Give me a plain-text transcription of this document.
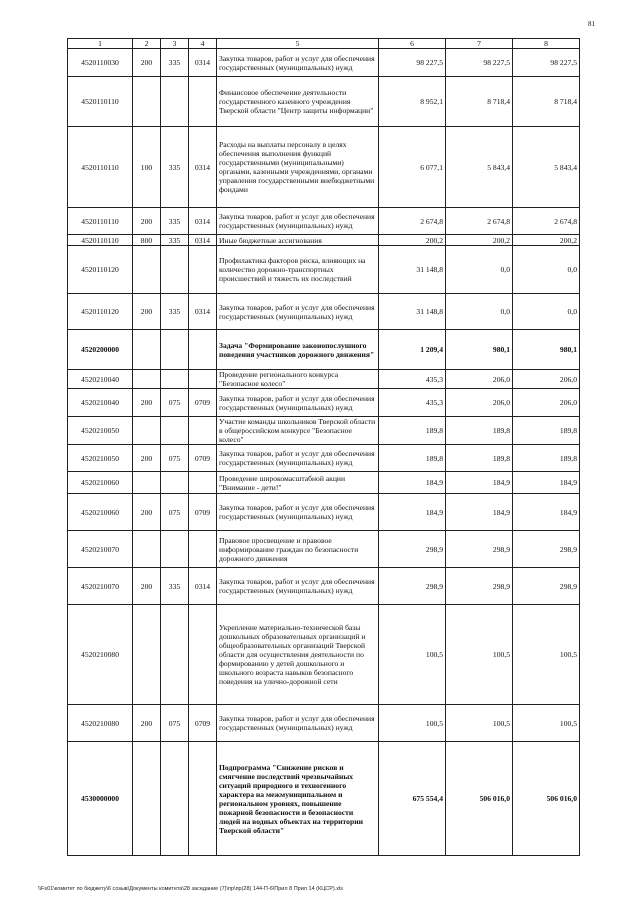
81
1	2	3	4	5	6	7	8
4520110030	200	335	0314	Закупка товаров, работ и услуг для обеспечения государственных (муниципальных) нужд	98 227,5	98 227,5	98 227,5
4520110110				Финансовое обеспечение деятельности государственного казенного учреждения Тверской области "Центр защиты информации"	8 952,1	8 718,4	8 718,4
4520110110	100	335	0314	Расходы на выплаты персоналу в целях обеспечения выполнения функций государственными (муниципальными) органами, казенными учреждениями, органами управления государственными внебюджетными фондами	6 077,1	5 843,4	5 843,4
4520110110	200	335	0314	Закупка товаров, работ и услуг для обеспечения государственных (муниципальных) нужд	2 674,8	2 674,8	2 674,8
4520110110	800	335	0314	Иные бюджетные ассигнования	200,2	200,2	200,2
4520110120				Профилактика факторов риска, влияющих на количество дорожно-транспортных происшествий и тяжесть их последствий	31 148,8	0,0	0,0
4520110120	200	335	0314	Закупка товаров, работ и услуг для обеспечения государственных (муниципальных) нужд	31 148,8	0,0	0,0
4520200000				Задача "Формирование законопослушного поведения участников дорожного движения"	1 209,4	980,1	980,1
4520210040				Проведение регионального конкурса "Безопасное колесо"	435,3	206,0	206,0
4520210040	200	075	0709	Закупка товаров, работ и услуг для обеспечения государственных (муниципальных) нужд	435,3	206,0	206,0
4520210050				Участие команды школьников Тверской области в общероссийском конкурсе "Безопасное колесо"	189,8	189,8	189,8
4520210050	200	075	0709	Закупка товаров, работ и услуг для обеспечения государственных (муниципальных) нужд	189,8	189,8	189,8
4520210060				Проведение широкомасштабной акции "Внимание - дети!"	184,9	184,9	184,9
4520210060	200	075	0709	Закупка товаров, работ и услуг для обеспечения государственных (муниципальных) нужд	184,9	184,9	184,9
4520210070				Правовое просвещение и правовое информирование граждан по безопасности дорожного движения	298,9	298,9	298,9
4520210070	200	335	0314	Закупка товаров, работ и услуг для обеспечения государственных (муниципальных) нужд	298,9	298,9	298,9
4520210080				Укрепление материально-технической базы дошкольных образовательных организаций и общеобразовательных организаций Тверской области для осуществления деятельности по формированию у детей дошкольного и школьного возраста навыков безопасного поведения на улично-дорожной сети	100,5	100,5	100,5
4520210080	200	075	0709	Закупка товаров, работ и услуг для обеспечения государственных (муниципальных) нужд	100,5	100,5	100,5
4530000000				Подпрограмма "Снижение рисков и смягчение последствий чрезвычайных ситуаций природного и техногенного характера на межмуниципальном и региональном уровнях, повышение пожарной безопасности и безопасности людей на водных объектах на территории Тверской области"	675 554,4	506 016,0	506 016,0
\\Fs01\комитет по бюджету\6 созыв\Документы комитета\28 заседание (7)\пр\пр(28) 144-П-6\Прил 8 Прил 14 (КЦСР).xls
